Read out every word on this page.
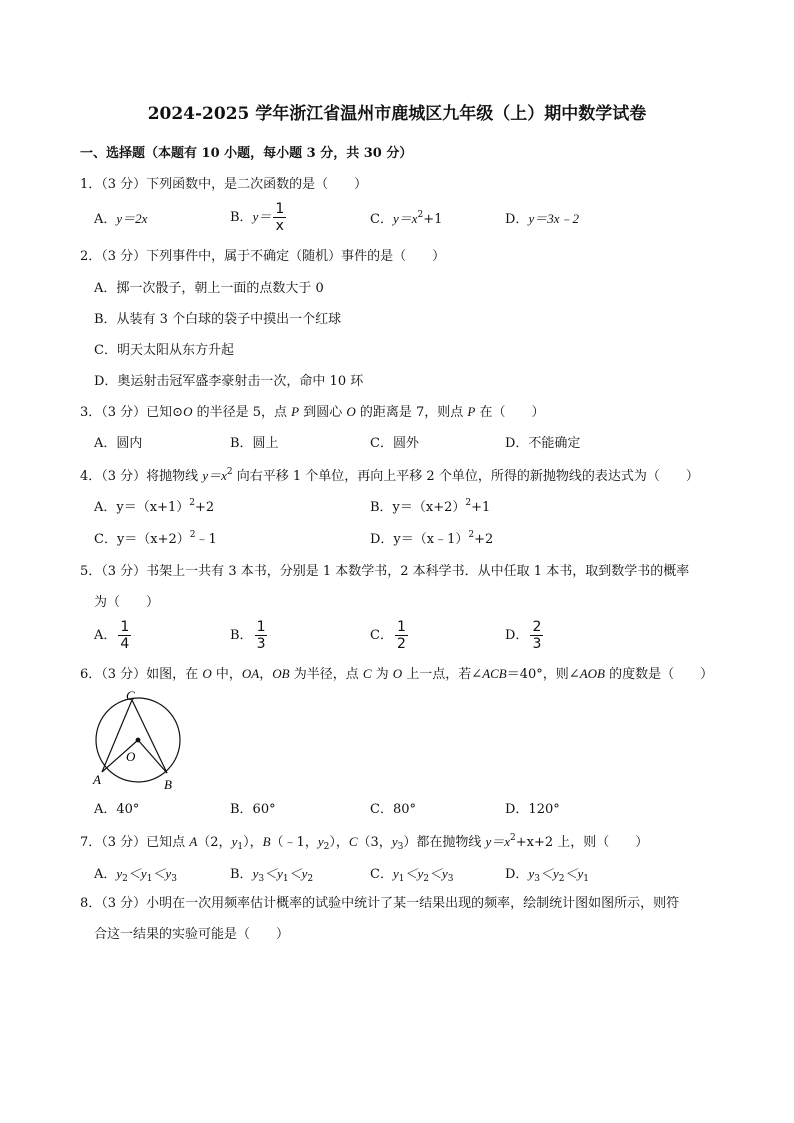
2024-2025 学年浙江省温州市鹿城区九年级（上）期中数学试卷
一、选择题（本题有 10 小题，每小题 3 分，共 30 分）
1．（3 分）下列函数中，是二次函数的是（　　）
A．y＝2x	B．$y= \frac{1}{x}$	C．$y=x^2+1$	D．y＝3x﹣2
2．（3 分）下列事件中，属于不确定（随机）事件的是（　　）
A．掷一次骰子，朝上一面的点数大于 0
B．从装有 3 个白球的袋子中摸出一个红球
C．明天太阳从东方升起
D．奥运射击冠军盛李豪射击一次，命中 10 环
3．（3 分）已知⊙O 的半径是 5，点 P 到圆心 O 的距离是 7，则点 P 在（　　）
A．圆内	B．圆上	C．圆外	D．不能确定
4．（3 分）将抛物线 $y=x^2$ 向右平移 1 个单位，再向上平移 2 个单位，所得的新抛物线的表达式为（　　）
A．$y=(x+1)^2+2$	B．$y=(x+2)^2+1$
C．$y=(x+2)^2﹣1$	D．y＝（x﹣1）$^2$+2
5．（3 分）书架上一共有 3 本书，分别是 1 本数学书，2 本科学书．从中任取 1 本书，取到数学书的概率
为（　　）
A． $\frac{1}{4}$	B． $\frac{1}{3}$	C． $\frac{1}{2}$	D． $\frac{2}{3}$
6．（3 分）如图，在 O 中，OA，OB 为半径，点 C 为 O 上一点，若∠ACB＝40°，则∠AOB 的度数是（　　）
C
O
A	B
A．40°	B．60°	C．80°	D．120°
7．（3 分）已知点 A（2，$y_1$），B（﹣1，$y_2$），C（3，$y_3$）都在抛物线 $y=x^2+x+2$ 上，则（　　）
A．$y_2<y_1<y_3$	B．$y_3<y_1<y_2$	C．$y_1<y_2<y_3$	D．$y_3<y_2<y_1$
8．（3 分）小明在一次用频率估计概率的试验中统计了某一结果出现的频率，绘制统计图如图所示，则符
合这一结果的实验可能是（　　）
